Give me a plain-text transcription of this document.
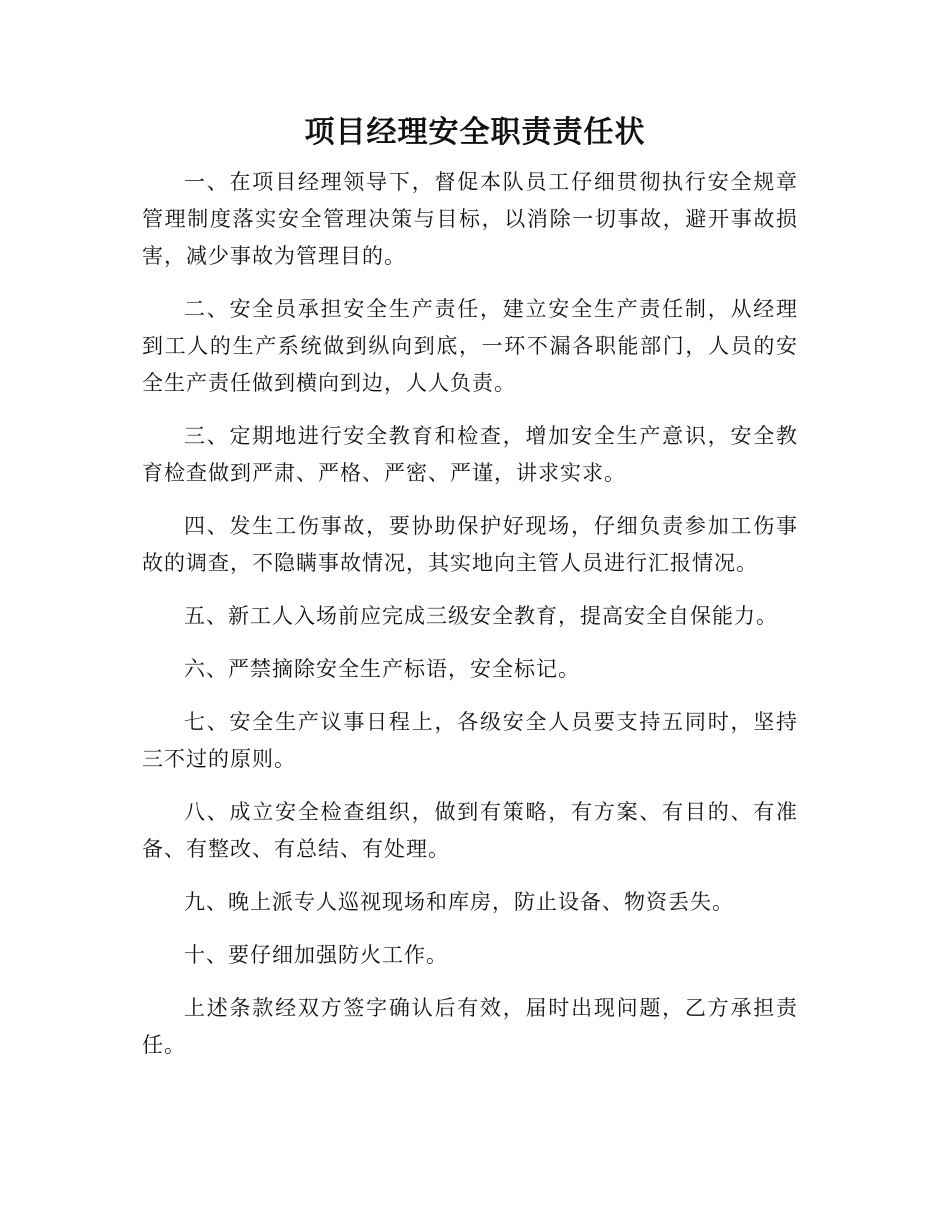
项目经理安全职责责任状

一、在项目经理领导下，督促本队员工仔细贯彻执行安全规章管理制度落实安全管理决策与目标，以消除一切事故，避开事故损害，减少事故为管理目的。

二、安全员承担安全生产责任，建立安全生产责任制，从经理到工人的生产系统做到纵向到底，一环不漏各职能部门，人员的安全生产责任做到横向到边，人人负责。

三、定期地进行安全教育和检查，增加安全生产意识，安全教育检查做到严肃、严格、严密、严谨，讲求实求。

四、发生工伤事故，要协助保护好现场，仔细负责参加工伤事故的调查，不隐瞒事故情况，其实地向主管人员进行汇报情况。

五、新工人入场前应完成三级安全教育，提高安全自保能力。

六、严禁摘除安全生产标语，安全标记。

七、安全生产议事日程上，各级安全人员要支持五同时，坚持三不过的原则。

八、成立安全检查组织，做到有策略，有方案、有目的、有准备、有整改、有总结、有处理。

九、晚上派专人巡视现场和库房，防止设备、物资丢失。

十、要仔细加强防火工作。

上述条款经双方签字确认后有效，届时出现问题，乙方承担责任。
